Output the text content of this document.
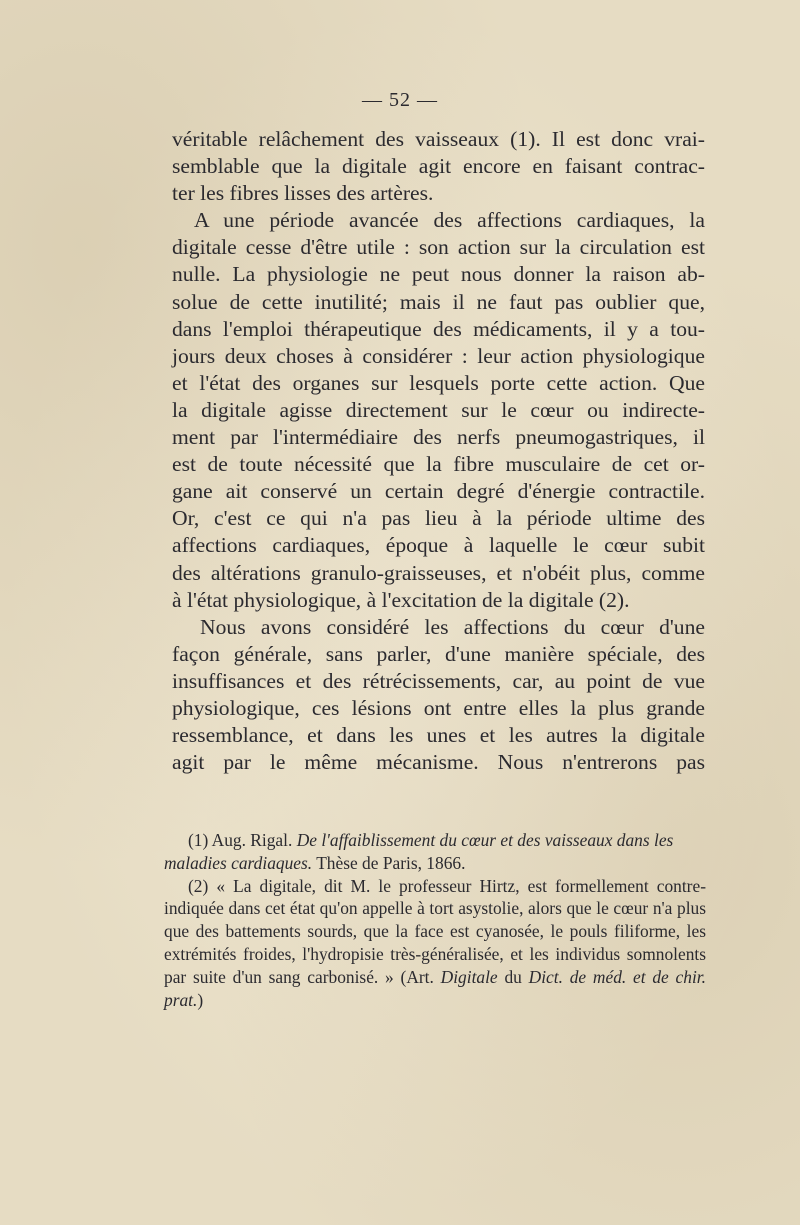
— 52 —
véritable relâchement des vaisseaux (1). Il est donc vrai-
semblable que la digitale agit encore en faisant contrac-
ter les fibres lisses des artères.
A une période avancée des affections cardiaques, la
digitale cesse d'être utile : son action sur la circulation est
nulle. La physiologie ne peut nous donner la raison ab-
solue de cette inutilité; mais il ne faut pas oublier que,
dans l'emploi thérapeutique des médicaments, il y a tou-
jours deux choses à considérer : leur action physiologique
et l'état des organes sur lesquels porte cette action. Que
la digitale agisse directement sur le cœur ou indirecte-
ment par l'intermédiaire des nerfs pneumogastriques, il
est de toute nécessité que la fibre musculaire de cet or-
gane ait conservé un certain degré d'énergie contractile.
Or, c'est ce qui n'a pas lieu à la période ultime des
affections cardiaques, époque à laquelle le cœur subit
des altérations granulo-graisseuses, et n'obéit plus, comme
à l'état physiologique, à l'excitation de la digitale (2).
Nous avons considéré les affections du cœur d'une
façon générale, sans parler, d'une manière spéciale, des
insuffisances et des rétrécissements, car, au point de vue
physiologique, ces lésions ont entre elles la plus grande
ressemblance, et dans les unes et les autres la digitale
agit par le même mécanisme. Nous n'entrerons pas

(1) Aug. Rigal. De l'affaiblissement du cœur et des vaisseaux dans les maladies cardiaques. Thèse de Paris, 1866.

(2) « La digitale, dit M. le professeur Hirtz, est formellement contre-indiquée dans cet état qu'on appelle à tort asystolie, alors que le cœur n'a plus que des battements sourds, que la face est cyanosée, le pouls filiforme, les extrémités froides, l'hydropisie très-généralisée, et les individus somnolents par suite d'un sang carbonisé. » (Art. Digitale du Dict. de méd. et de chir. prat.)
